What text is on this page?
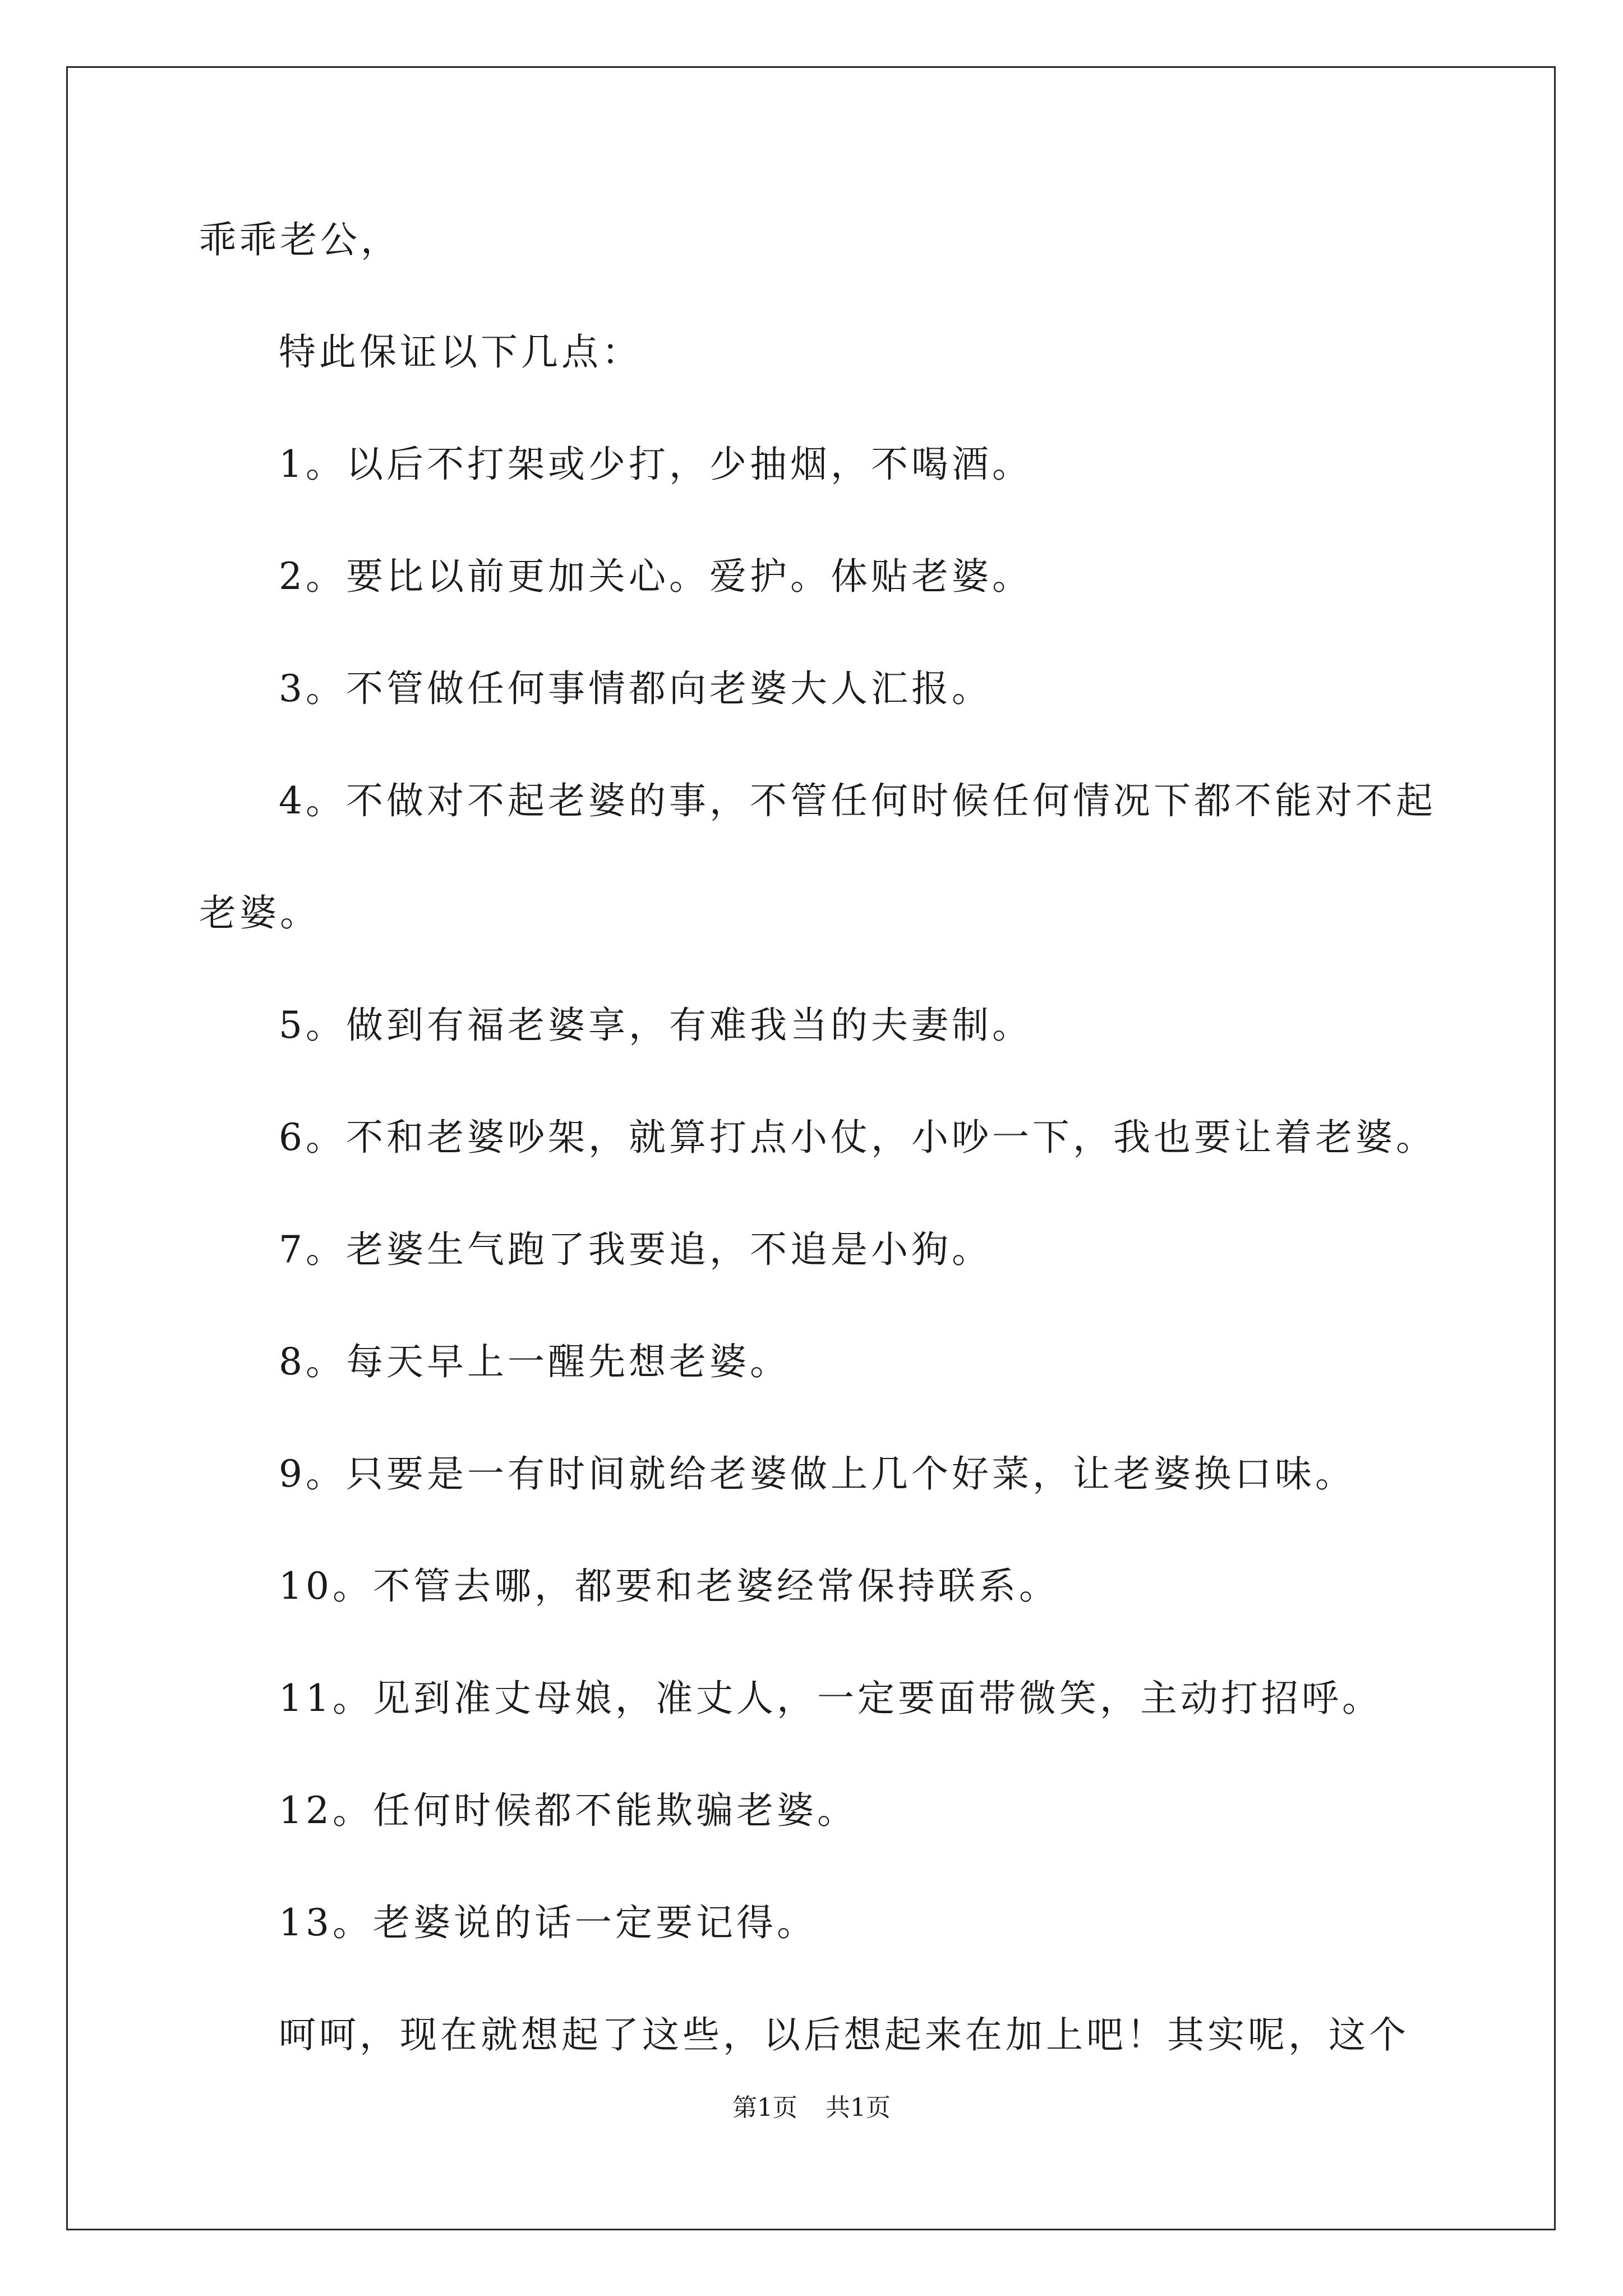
乖乖老公，
特此保证以下几点：
1。以后不打架或少打，少抽烟，不喝酒。
2。要比以前更加关心。爱护。体贴老婆。
3。不管做任何事情都向老婆大人汇报。
4。不做对不起老婆的事，不管任何时候任何情况下都不能对不起
老婆。
5。做到有福老婆享，有难我当的夫妻制。
6。不和老婆吵架，就算打点小仗，小吵一下，我也要让着老婆。
7。老婆生气跑了我要追，不追是小狗。
8。每天早上一醒先想老婆。
9。只要是一有时间就给老婆做上几个好菜，让老婆换口味。
10。不管去哪，都要和老婆经常保持联系。
11。见到准丈母娘，准丈人，一定要面带微笑，主动打招呼。
12。任何时候都不能欺骗老婆。
13。老婆说的话一定要记得。
呵呵，现在就想起了这些，以后想起来在加上吧！其实呢，这个
第1页 共1页
